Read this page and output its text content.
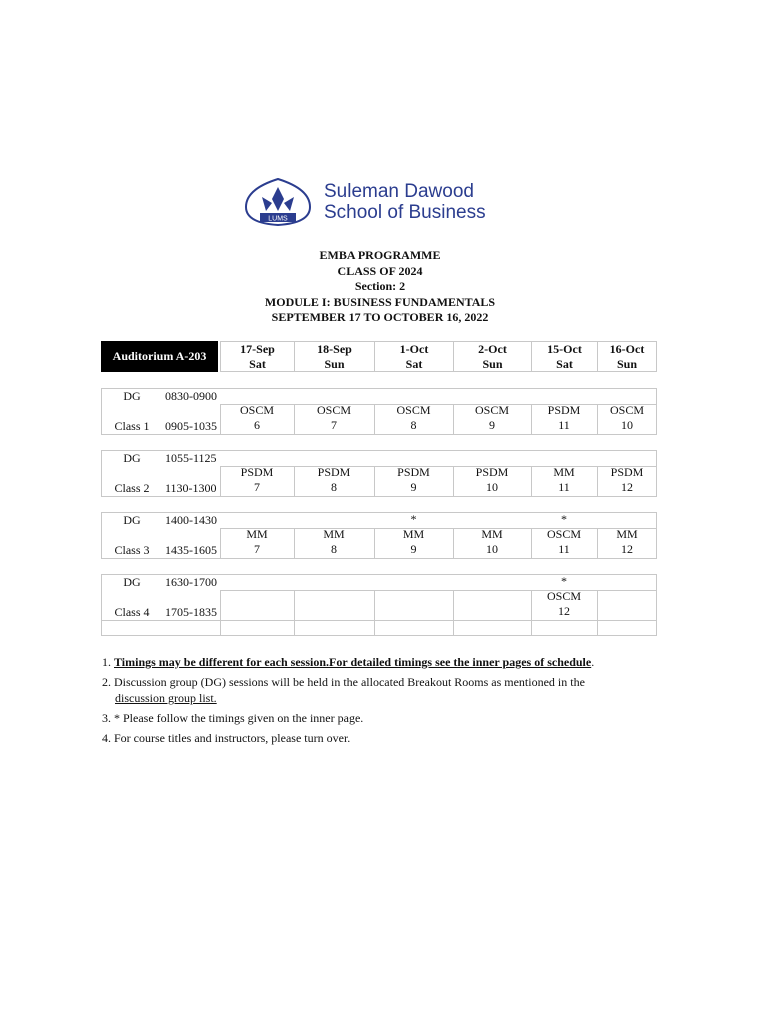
LUMS
Suleman Dawood
School of Business
EMBA PROGRAMME
CLASS OF 2024
Section: 2
MODULE I: BUSINESS FUNDAMENTALS
SEPTEMBER 17 TO OCTOBER 16, 2022
Auditorium A-203
17-Sep
Sat
18-Sep
Sun
1-Oct
Sat
2-Oct
Sun
15-Oct
Sat
16-Oct
Sun
DG 0830-0900
Class 1 0905-1035
OSCM
6
OSCM
7
OSCM
8
OSCM
9
PSDM
11
OSCM
10
DG 1055-1125
Class 2 1130-1300
PSDM
7
PSDM
8
PSDM
9
PSDM
10
MM
11
PSDM
12
DG 1400-1430
Class 3 1435-1605
MM
7
MM
8
*
MM
9
MM
10
*
OSCM
11
MM
12
DG 1630-1700
Class 4 1705-1835
*
OSCM
12
1. Timings may be different for each session.For detailed timings see the inner pages of schedule.
2. Discussion group (DG) sessions will be held in the allocated Breakout Rooms as mentioned in the
discussion group list.
3. * Please follow the timings given on the inner page.
4. For course titles and instructors, please turn over.
